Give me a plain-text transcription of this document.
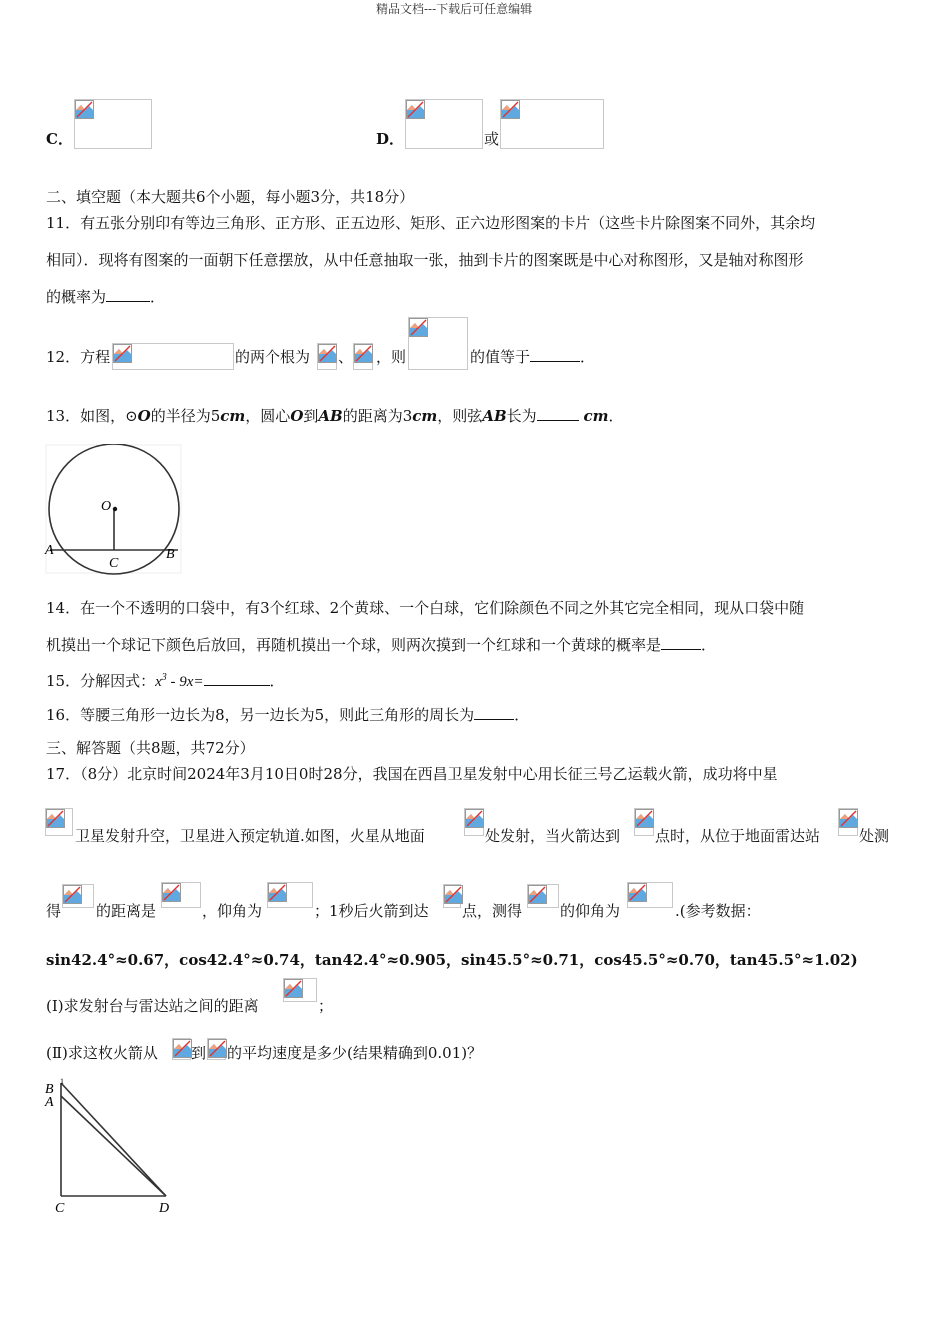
精品文档---下载后可任意编辑
C．	D．	或
二、填空题（本大题共6个小题，每小题3分，共18分）
11．有五张分别印有等边三角形、正方形、正五边形、矩形、正六边形图案的卡片（这些卡片除图案不同外，其余均
相同）．现将有图案的一面朝下任意摆放，从中任意抽取一张，抽到卡片的图案既是中心对称图形，又是轴对称图形
的概率为	．
12．方程	的两个根为 、 ，则	的值等于	．
13．如图，⊙O的半径为5cm，圆心O到AB的距离为3cm，则弦AB长为	cm．
O
A	B
C
14．在一个不透明的口袋中，有3个红球、2个黄球、一个白球，它们除颜色不同之外其它完全相同，现从口袋中随
机摸出一个球记下颜色后放回，再随机摸出一个球，则两次摸到一个红球和一个黄球的概率是	．
15．分解因式：$x^3 - 9x=$	．
16．等腰三角形一边长为8，另一边长为5，则此三角形的周长为	．
三、解答题（共8题，共72分）
17．（8分）北京时间2024年3月10日0时28分，我国在西昌卫星发射中心用长征三号乙运载火箭，成功将中星
卫星发射升空，卫星进入预定轨道.如图，火星从地面	处发射，当火箭达到 点时，从位于地面雷达站	处测
得 的距离是	，仰角为	；1秒后火箭到达 点，测得	的仰角为	.(参考数据：
sin42.4°≈0.67，cos42.4°≈0.74，tan42.4°≈0.905，sin45.5°≈0.71，cos45.5°≈0.70，tan45.5°≈1.02)
(Ⅰ)求发射台与雷达站之间的距离	；
(Ⅱ)求这枚火箭从 到 的平均速度是多少(结果精确到0.01)？
B
1
A
C	D
